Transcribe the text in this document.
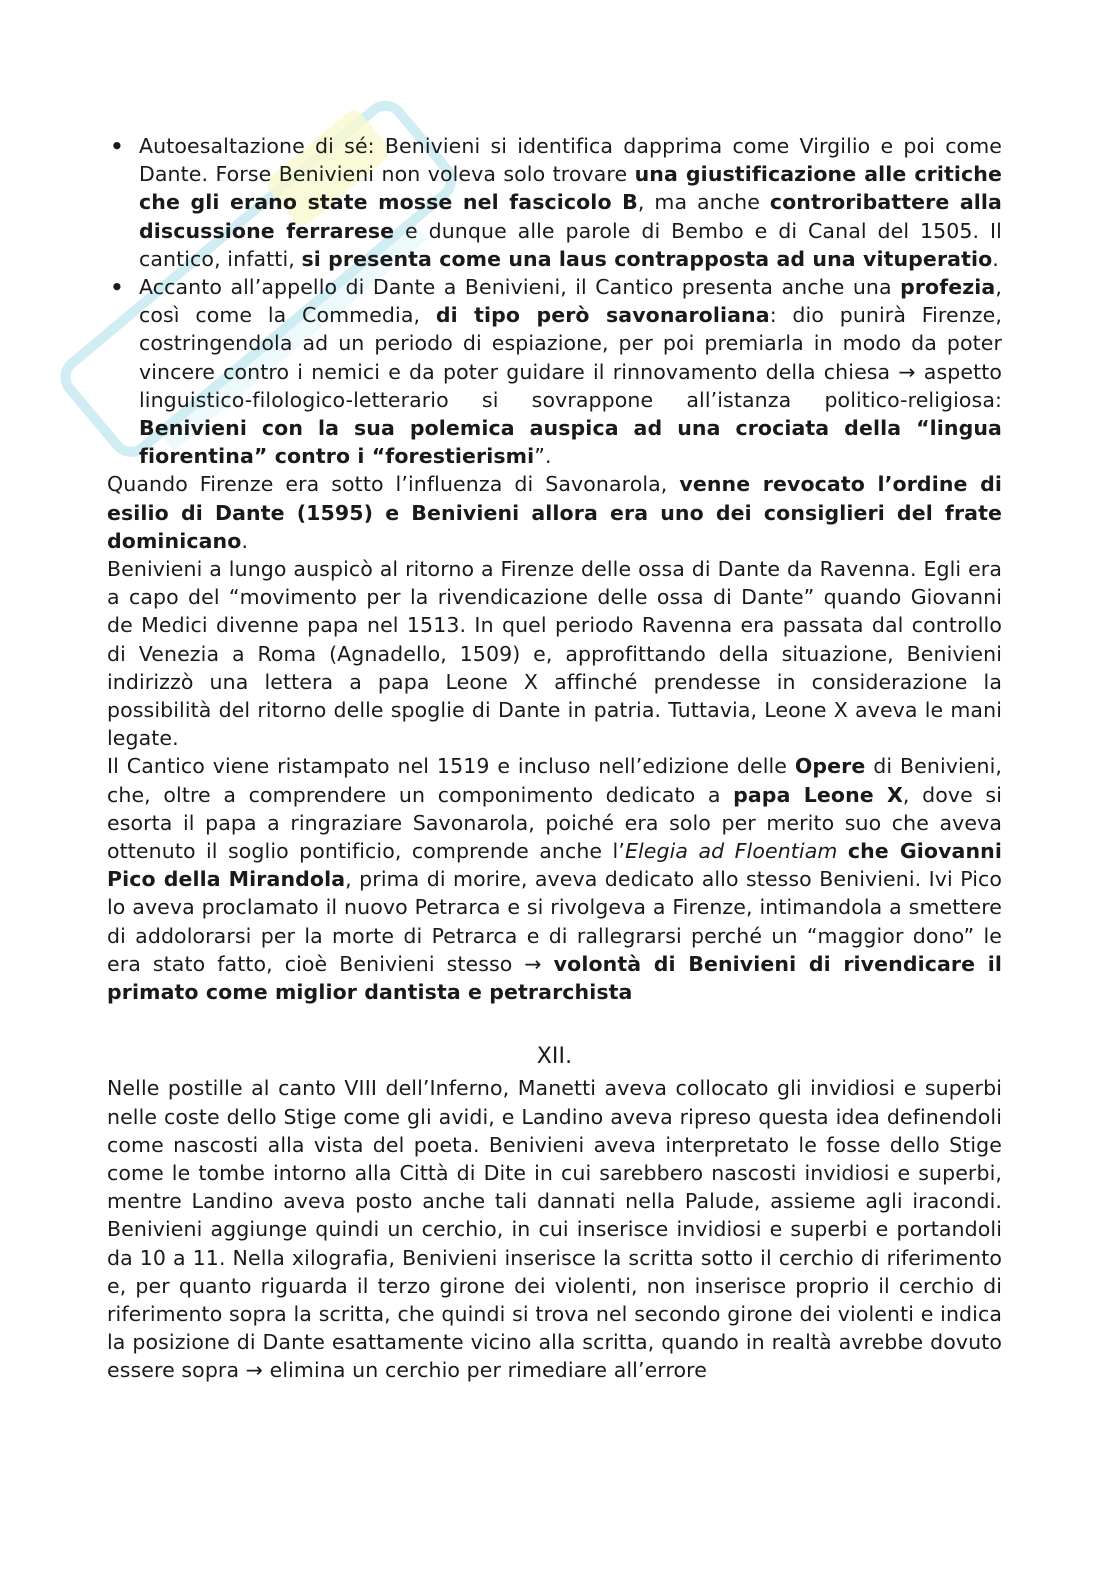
• Autoesaltazione di sé: Benivieni si identifica dapprima come Virgilio e poi come Dante. Forse Benivieni non voleva solo trovare una giustificazione alle critiche che gli erano state mosse nel fascicolo B, ma anche controribattere alla discussione ferrarese e dunque alle parole di Bembo e di Canal del 1505. Il cantico, infatti, si presenta come una laus contrapposta ad una vituperatio.
• Accanto all’appello di Dante a Benivieni, il Cantico presenta anche una profezia, così come la Commedia, di tipo però savonaroliana: dio punirà Firenze, costringendola ad un periodo di espiazione, per poi premiarla in modo da poter vincere contro i nemici e da poter guidare il rinnovamento della chiesa → aspetto linguistico-filologico-letterario si sovrappone all’istanza politico-religiosa: Benivieni con la sua polemica auspica ad una crociata della “lingua fiorentina” contro i “forestierismi”.

Quando Firenze era sotto l’influenza di Savonarola, venne revocato l’ordine di esilio di Dante (1595) e Benivieni allora era uno dei consiglieri del frate dominicano.

Benivieni a lungo auspicò al ritorno a Firenze delle ossa di Dante da Ravenna. Egli era a capo del “movimento per la rivendicazione delle ossa di Dante” quando Giovanni de Medici divenne papa nel 1513. In quel periodo Ravenna era passata dal controllo di Venezia a Roma (Agnadello, 1509) e, approfittando della situazione, Benivieni indirizzò una lettera a papa Leone X affinché prendesse in considerazione la possibilità del ritorno delle spoglie di Dante in patria. Tuttavia, Leone X aveva le mani legate.

Il Cantico viene ristampato nel 1519 e incluso nell’edizione delle Opere di Benivieni, che, oltre a comprendere un componimento dedicato a papa Leone X, dove si esorta il papa a ringraziare Savonarola, poiché era solo per merito suo che aveva ottenuto il soglio pontificio, comprende anche l’Elegia ad Floentiam che Giovanni Pico della Mirandola, prima di morire, aveva dedicato allo stesso Benivieni. Ivi Pico lo aveva proclamato il nuovo Petrarca e si rivolgeva a Firenze, intimandola a smettere di addolorarsi per la morte di Petrarca e di rallegrarsi perché un “maggior dono” le era stato fatto, cioè Benivieni stesso → volontà di Benivieni di rivendicare il primato come miglior dantista e petrarchista

XII.

Nelle postille al canto VIII dell’Inferno, Manetti aveva collocato gli invidiosi e superbi nelle coste dello Stige come gli avidi, e Landino aveva ripreso questa idea definendoli come nascosti alla vista del poeta. Benivieni aveva interpretato le fosse dello Stige come le tombe intorno alla Città di Dite in cui sarebbero nascosti invidiosi e superbi, mentre Landino aveva posto anche tali dannati nella Palude, assieme agli iracondi. Benivieni aggiunge quindi un cerchio, in cui inserisce invidiosi e superbi e portandoli da 10 a 11. Nella xilografia, Benivieni inserisce la scritta sotto il cerchio di riferimento e, per quanto riguarda il terzo girone dei violenti, non inserisce proprio il cerchio di riferimento sopra la scritta, che quindi si trova nel secondo girone dei violenti e indica la posizione di Dante esattamente vicino alla scritta, quando in realtà avrebbe dovuto essere sopra → elimina un cerchio per rimediare all’errore
